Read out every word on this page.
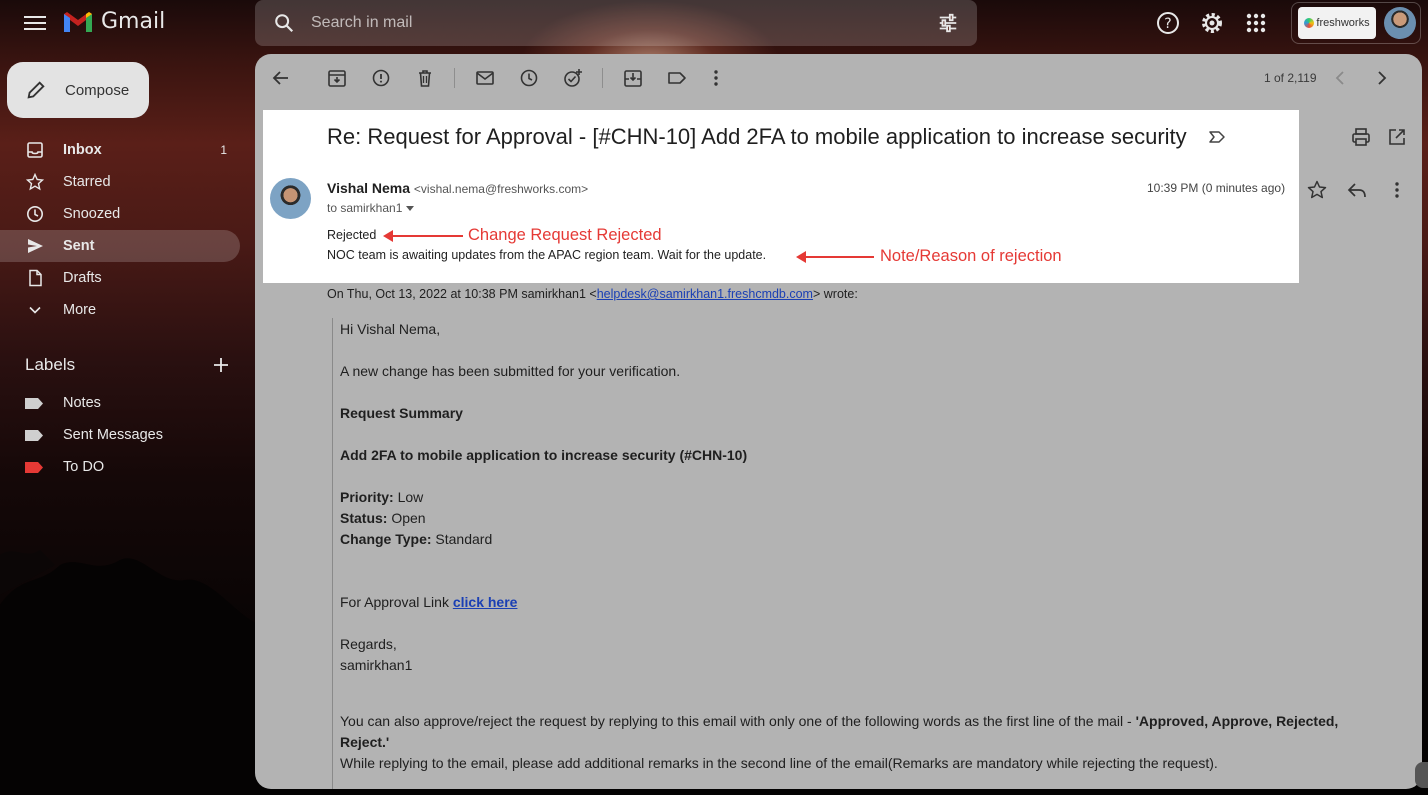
Gmail
Search in mail	?	freshworks
Compose
Inbox	1
Starred
Snoozed
Sent
Drafts
More
Labels
Notes
Sent Messages
To DO
1 of 2,119
Re: Request for Approval - [#CHN-10] Add 2FA to mobile application to increase security
Vishal Nema <vishal.nema@freshworks.com>
to samirkhan1
10:39 PM (0 minutes ago)
Rejected
NOC team is awaiting updates from the APAC region team. Wait for the update.
Change Request Rejected
Note/Reason of rejection
On Thu, Oct 13, 2022 at 10:38 PM samirkhan1 <helpdesk@samirkhan1.freshcmdb.com> wrote:
Hi Vishal Nema,
A new change has been submitted for your verification.
Request Summary
Add 2FA to mobile application to increase security (#CHN-10)
Priority: Low
Status: Open
Change Type: Standard
For Approval Link click here
Regards,
samirkhan1
You can also approve/reject the request by replying to this email with only one of the following words as the first line of the mail - 'Approved, Approve, Rejected,
Reject.'
While replying to the email, please add additional remarks in the second line of the email(Remarks are mandatory while rejecting the request).
